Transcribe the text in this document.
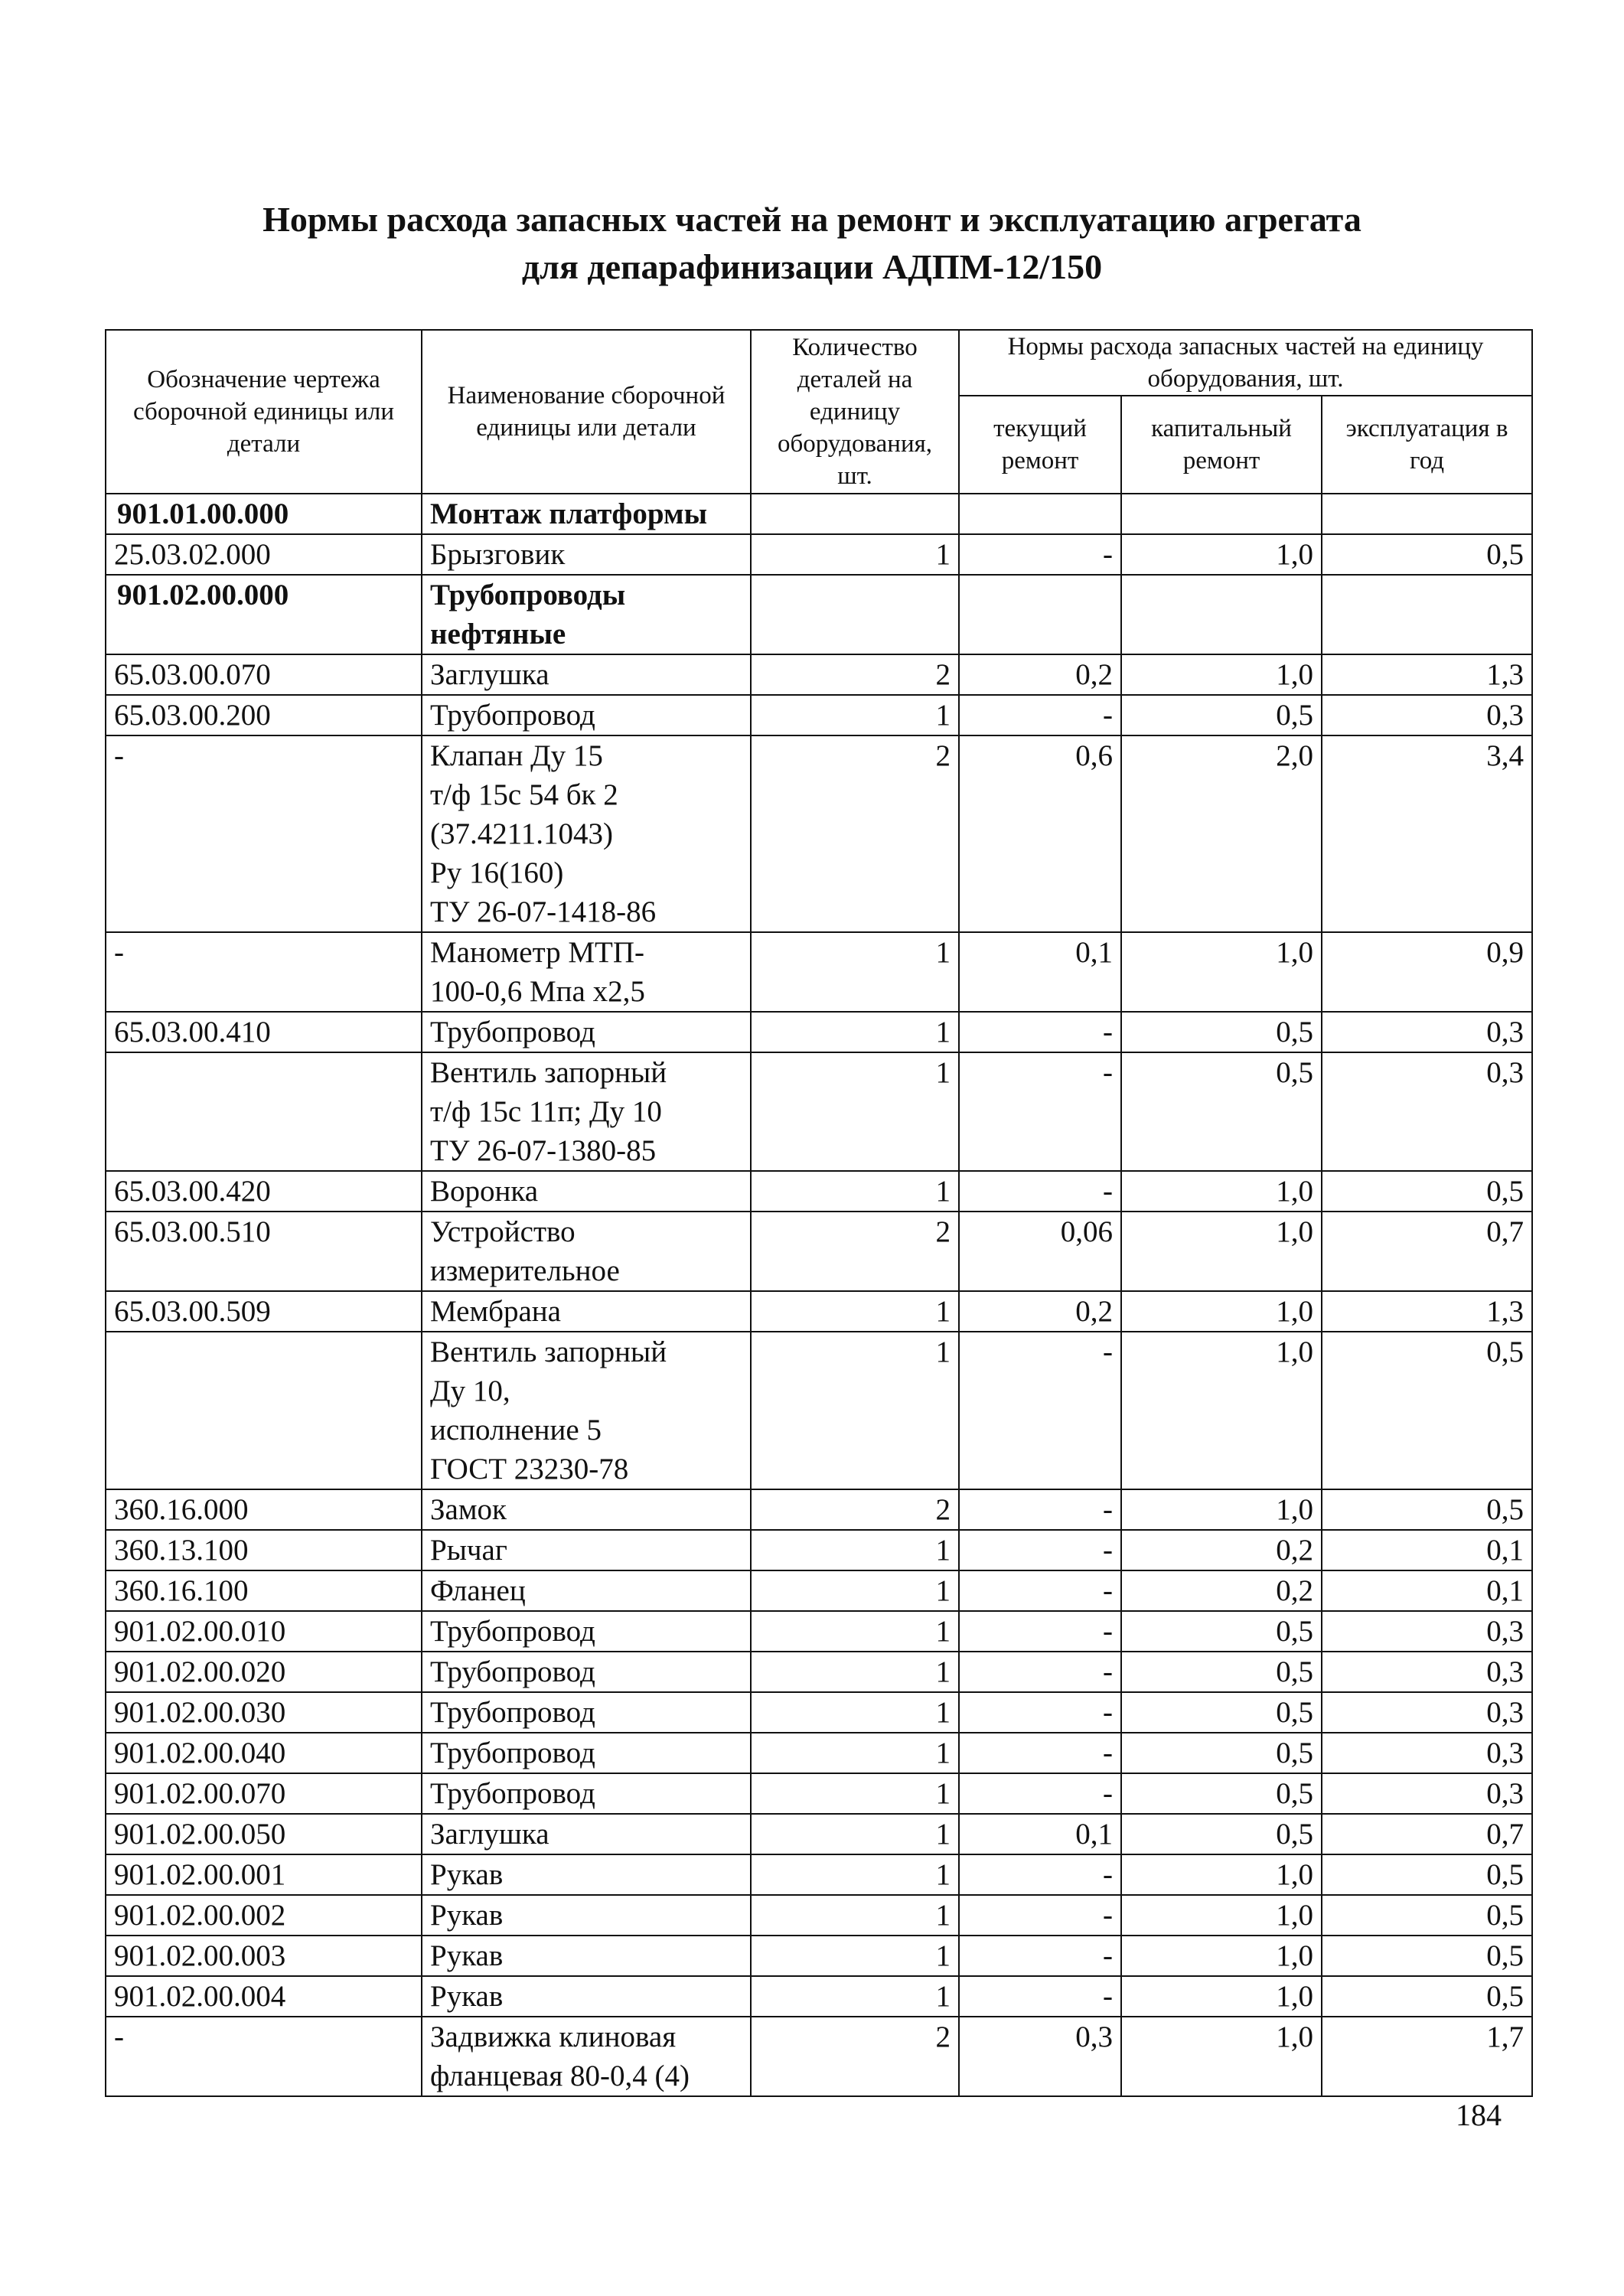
Нормы расхода запасных частей на ремонт и эксплуатацию агрегата
для депарафинизации АДПМ-12/150
Обозначение чертежа сборочной единицы или детали	Наименование сборочной единицы или детали	Количество деталей на единицу оборудования, шт.	Нормы расхода запасных частей на единицу оборудования, шт.		
			текущий ремонт	капитальный ремонт	эксплуатация в год
901.01.00.000	Монтаж платформы				
25.03.02.000	Брызговик	1	-	1,0	0,5
901.02.00.000	Трубопроводы нефтяные				
65.03.00.070	Заглушка	2	0,2	1,0	1,3
65.03.00.200	Трубопровод	1	-	0,5	0,3
-	Клапан Ду 15
т/ф 15с 54 бк 2
(37.4211.1043)
Ру 16(160)
ТУ 26-07-1418-86	2	0,6	2,0	3,4
-	Манометр МТП-
100-0,6 Мпа х2,5	1	0,1	1,0	0,9
65.03.00.410	Трубопровод	1	-	0,5	0,3
	Вентиль запорный
т/ф 15с 11п; Ду 10
ТУ 26-07-1380-85	1	-	0,5	0,3
65.03.00.420	Воронка	1	-	1,0	0,5
65.03.00.510	Устройство
измерительное	2	0,06	1,0	0,7
65.03.00.509	Мембрана	1	0,2	1,0	1,3
	Вентиль запорный
Ду 10,
исполнение 5
ГОСТ 23230-78	1	-	1,0	0,5
360.16.000	Замок	2	-	1,0	0,5
360.13.100	Рычаг	1	-	0,2	0,1
360.16.100	Фланец	1	-	0,2	0,1
901.02.00.010	Трубопровод	1	-	0,5	0,3
901.02.00.020	Трубопровод	1	-	0,5	0,3
901.02.00.030	Трубопровод	1	-	0,5	0,3
901.02.00.040	Трубопровод	1	-	0,5	0,3
901.02.00.070	Трубопровод	1	-	0,5	0,3
901.02.00.050	Заглушка	1	0,1	0,5	0,7
901.02.00.001	Рукав	1	-	1,0	0,5
901.02.00.002	Рукав	1	-	1,0	0,5
901.02.00.003	Рукав	1	-	1,0	0,5
901.02.00.004	Рукав	1	-	1,0	0,5
-	Задвижка клиновая
фланцевая 80-0,4 (4)	2	0,3	1,0	1,7
184
